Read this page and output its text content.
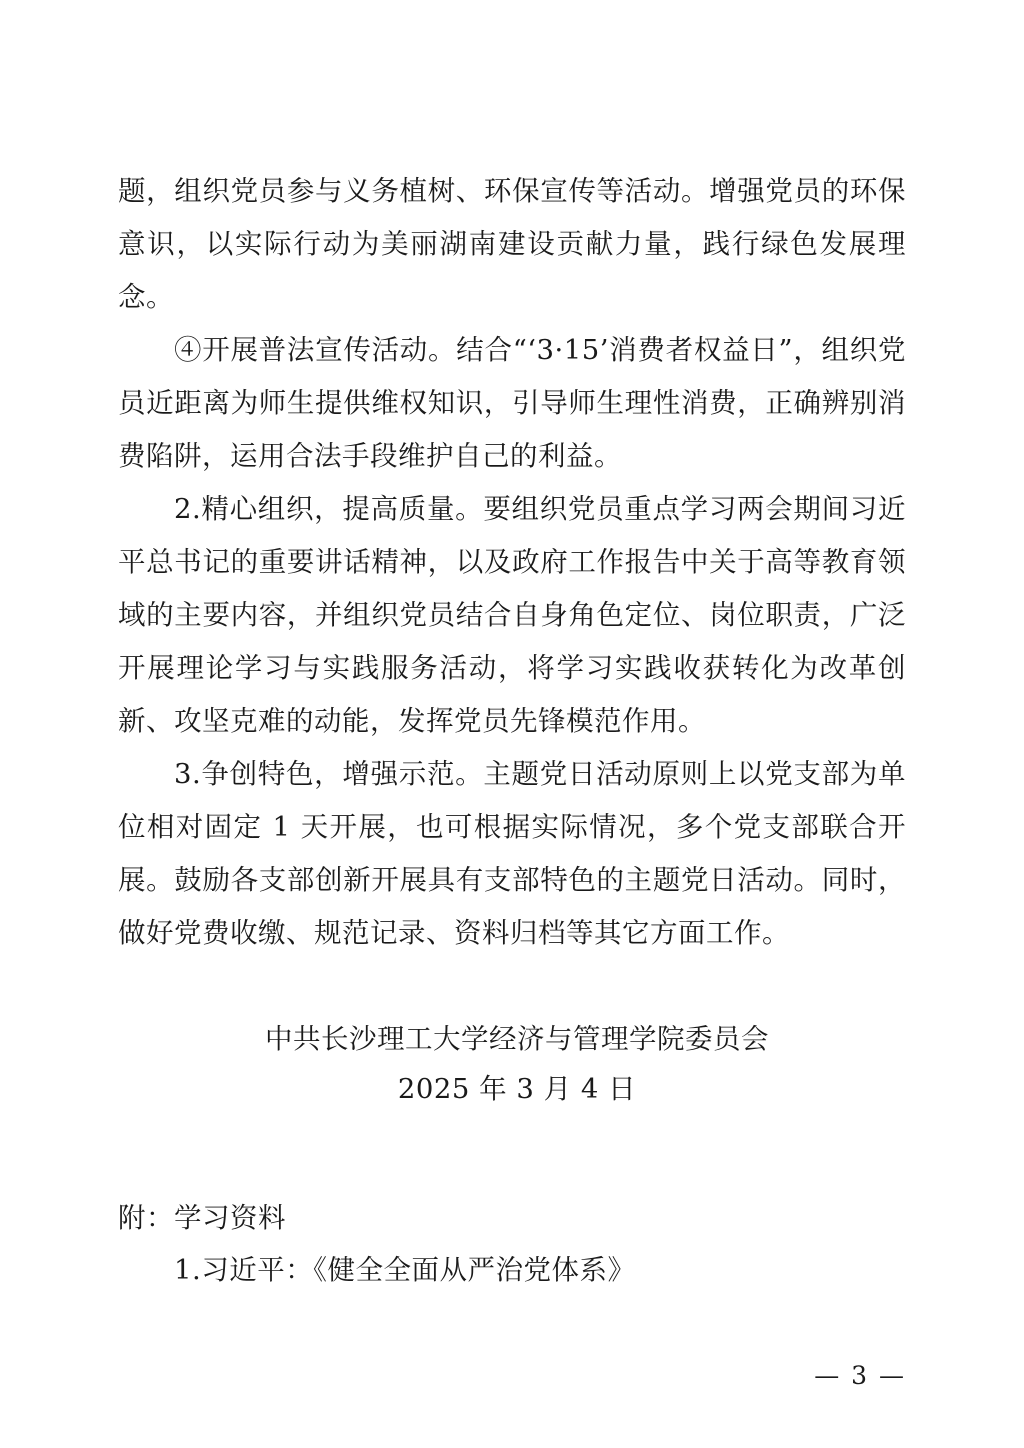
题，组织党员参与义务植树、环保宣传等活动。增强党员的环保意识，以实际行动为美丽湖南建设贡献力量，践行绿色发展理念。

④开展普法宣传活动。结合“‘3·15’消费者权益日”，组织党员近距离为师生提供维权知识，引导师生理性消费，正确辨别消费陷阱，运用合法手段维护自己的利益。

2.精心组织，提高质量。要组织党员重点学习两会期间习近平总书记的重要讲话精神，以及政府工作报告中关于高等教育领域的主要内容，并组织党员结合自身角色定位、岗位职责，广泛开展理论学习与实践服务活动，将学习实践收获转化为改革创新、攻坚克难的动能，发挥党员先锋模范作用。

3.争创特色，增强示范。主题党日活动原则上以党支部为单位相对固定 1 天开展，也可根据实际情况，多个党支部联合开展。鼓励各支部创新开展具有支部特色的主题党日活动。同时，做好党费收缴、规范记录、资料归档等其它方面工作。

中共长沙理工大学经济与管理学院委员会

2025 年 3 月 4 日

附：学习资料

1.习近平：《健全全面从严治党体系》

— 3 —
